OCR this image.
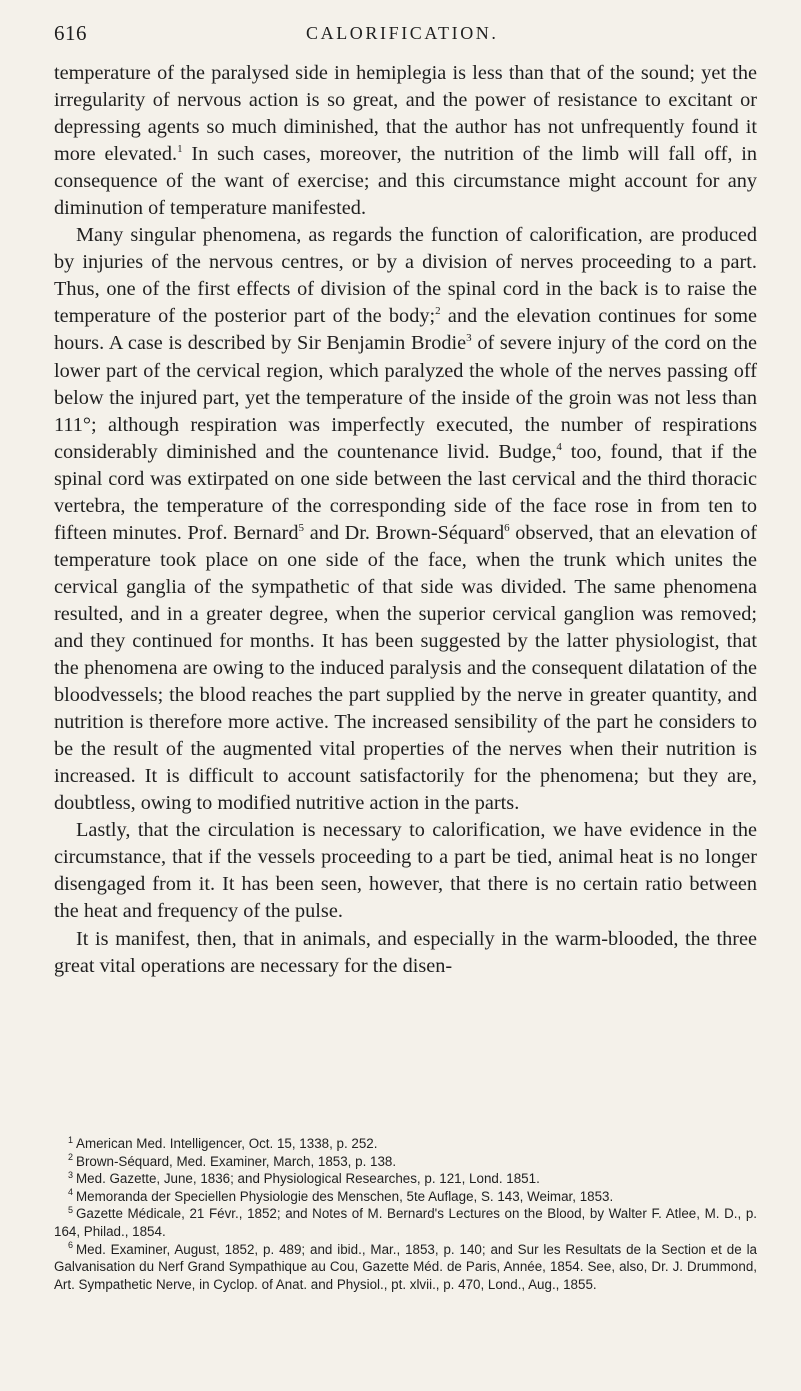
616	CALORIFICATION.

temperature of the paralysed side in hemiplegia is less than that of the sound; yet the irregularity of nervous action is so great, and the power of resistance to excitant or depressing agents so much diminished, that the author has not unfrequently found it more elevated.$^1$ In such cases, moreover, the nutrition of the limb will fall off, in consequence of the want of exercise; and this circumstance might account for any diminution of temperature manifested.

Many singular phenomena, as regards the function of calorification, are produced by injuries of the nervous centres, or by a division of nerves proceeding to a part. Thus, one of the first effects of division of the spinal cord in the back is to raise the temperature of the posterior part of the body;$^2$ and the elevation continues for some hours. A case is described by Sir Benjamin Brodie$^3$ of severe injury of the cord on the lower part of the cervical region, which paralyzed the whole of the nerves passing off below the injured part, yet the temperature of the inside of the groin was not less than 111°; although respiration was imperfectly executed, the number of respirations considerably diminished and the countenance livid. Budge,$^4$ too, found, that if the spinal cord was extirpated on one side between the last cervical and the third thoracic vertebra, the temperature of the corresponding side of the face rose in from ten to fifteen minutes. Prof. Bernard$^5$ and Dr. Brown-Séquard$^6$ observed, that an elevation of temperature took place on one side of the face, when the trunk which unites the cervical ganglia of the sympathetic of that side was divided. The same phenomena resulted, and in a greater degree, when the superior cervical ganglion was removed; and they continued for months. It has been suggested by the latter physiologist, that the phenomena are owing to the induced paralysis and the consequent dilatation of the bloodvessels; the blood reaches the part supplied by the nerve in greater quantity, and nutrition is therefore more active. The increased sensibility of the part he considers to be the result of the augmented vital properties of the nerves when their nutrition is increased. It is difficult to account satisfactorily for the phenomena; but they are, doubtless, owing to modified nutritive action in the parts.

Lastly, that the circulation is necessary to calorification, we have evidence in the circumstance, that if the vessels proceeding to a part be tied, animal heat is no longer disengaged from it. It has been seen, however, that there is no certain ratio between the heat and frequency of the pulse.

It is manifest, then, that in animals, and especially in the warm-blooded, the three great vital operations are necessary for the disen-

$^1$ American Med. Intelligencer, Oct. 15, 1338, p. 252.

$^2$ Brown-Séquard, Med. Examiner, March, 1853, p. 138.

$^3$ Med. Gazette, June, 1836; and Physiological Researches, p. 121, Lond. 1851.

$^4$ Memoranda der Speciellen Physiologie des Menschen, 5te Auflage, S. 143, Weimar, 1853.

$^5$ Gazette Médicale, 21 Févr., 1852; and Notes of M. Bernard's Lectures on the Blood, by Walter F. Atlee, M. D., p. 164, Philad., 1854.

$^6$ Med. Examiner, August, 1852, p. 489; and ibid., Mar., 1853, p. 140; and Sur les Resultats de la Section et de la Galvanisation du Nerf Grand Sympathique au Cou, Gazette Méd. de Paris, Année, 1854. See, also, Dr. J. Drummond, Art. Sympathetic Nerve, in Cyclop. of Anat. and Physiol., pt. xlvii., p. 470, Lond., Aug., 1855.
